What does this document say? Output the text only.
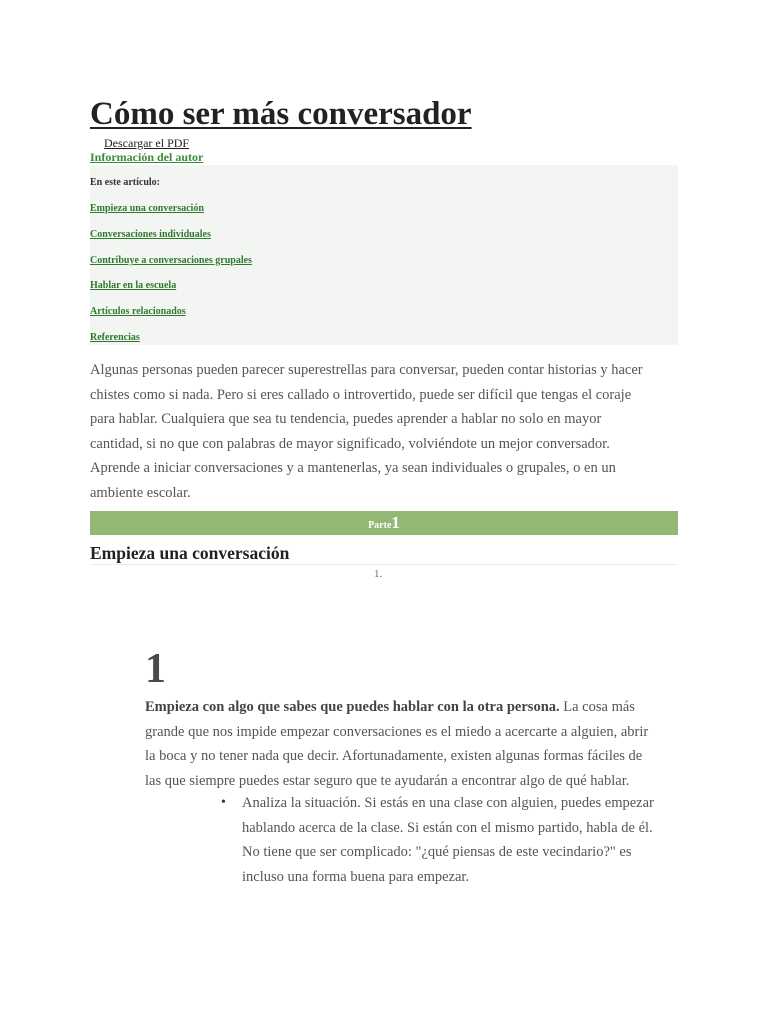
Cómo ser más conversador
Descargar el PDF
Información del autor
En este artículo:
Empieza una conversación
Conversaciones individuales
Contribuye a conversaciones grupales
Hablar en la escuela
Artículos relacionados
Referencias

Algunas personas pueden parecer superestrellas para conversar, pueden contar historias y hacer
chistes como si nada. Pero si eres callado o introvertido, puede ser difícil que tengas el coraje
para hablar. Cualquiera que sea tu tendencia, puedes aprender a hablar no solo en mayor
cantidad, si no que con palabras de mayor significado, volviéndote un mejor conversador.
Aprende a iniciar conversaciones y a mantenerlas, ya sean individuales o grupales, o en un
ambiente escolar.

Parte1
Empieza una conversación
1.
1

Empieza con algo que sabes que puedes hablar con la otra persona. La cosa más
grande que nos impide empezar conversaciones es el miedo a acercarte a alguien, abrir
la boca y no tener nada que decir. Afortunadamente, existen algunas formas fáciles de
las que siempre puedes estar seguro que te ayudarán a encontrar algo de qué hablar.

• Analiza la situación. Si estás en una clase con alguien, puedes empezar
hablando acerca de la clase. Si están con el mismo partido, habla de él.
No tiene que ser complicado: "¿qué piensas de este vecindario?" es
incluso una forma buena para empezar.
